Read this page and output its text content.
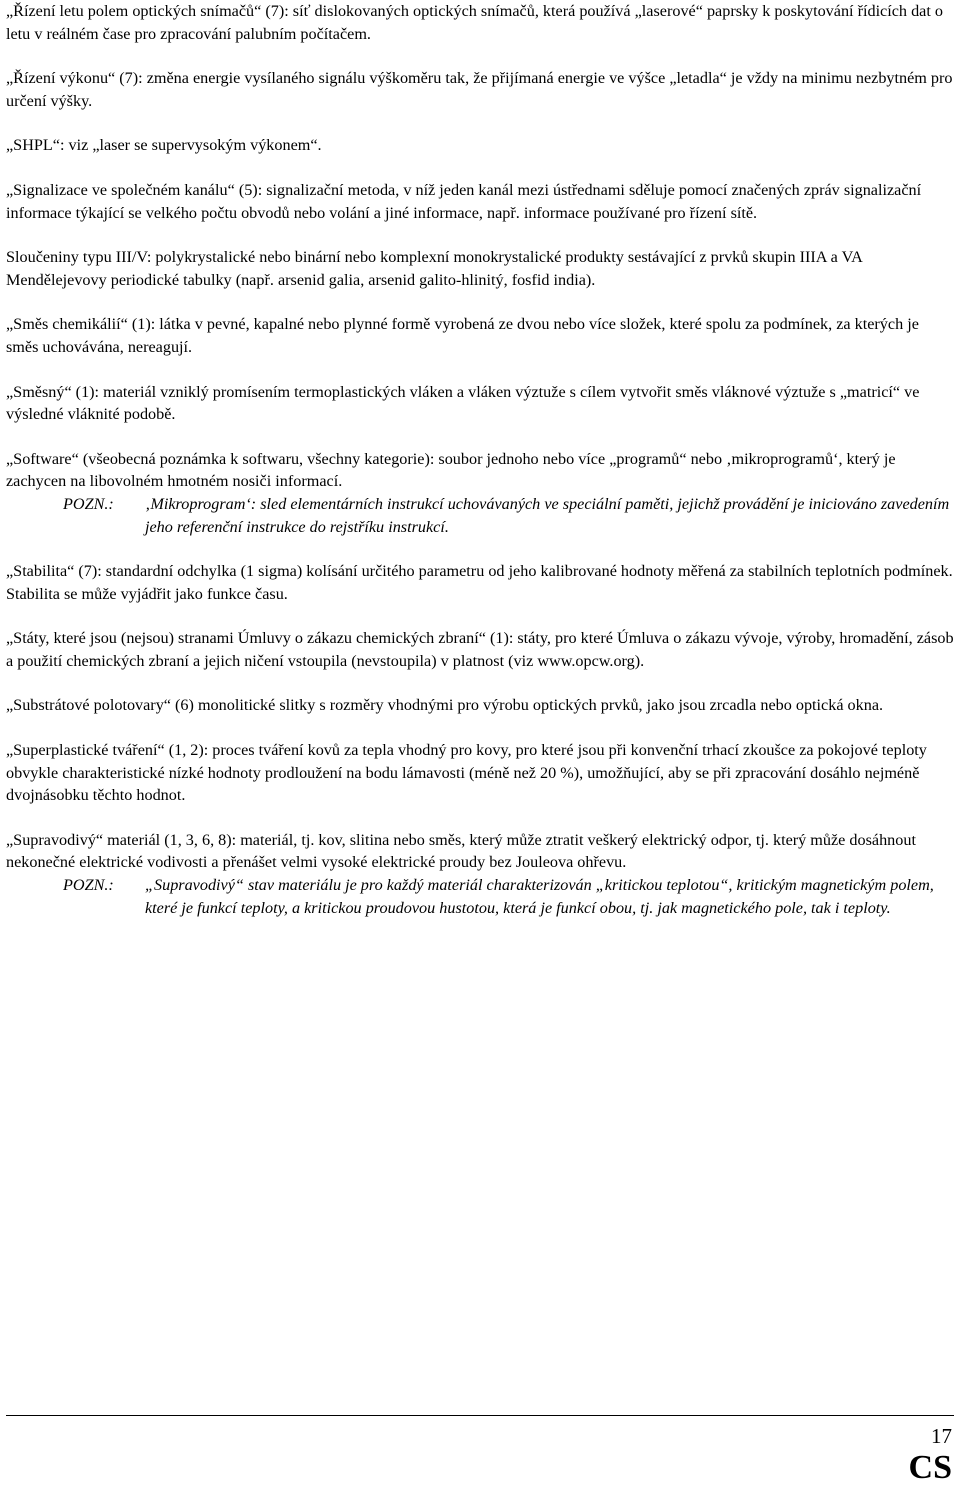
„Řízení letu polem optických snímačů“ (7): síť dislokovaných optických snímačů, která používá „laserové“ paprsky k poskytování řídicích dat o letu v reálném čase pro zpracování palubním počítačem.
„Řízení výkonu“ (7): změna energie vysílaného signálu výškoměru tak, že přijímaná energie ve výšce „letadla“ je vždy na minimu nezbytném pro určení výšky.
„SHPL“: viz „laser se supervysokým výkonem“.
„Signalizace ve společném kanálu“ (5): signalizační metoda, v níž jeden kanál mezi ústřednami sděluje pomocí značených zpráv signalizační informace týkající se velkého počtu obvodů nebo volání a jiné informace, např. informace používané pro řízení sítě.
Sloučeniny typu III/V: polykrystalické nebo binární nebo komplexní monokrystalické produkty sestávající z prvků skupin IIIA a VA Mendělejevovy periodické tabulky (např. arsenid galia, arsenid galito-hlinitý, fosfid india).
„Směs chemikálií“ (1): látka v pevné, kapalné nebo plynné formě vyrobená ze dvou nebo více složek, které spolu za podmínek, za kterých je směs uchovávána, nereagují.
„Směsný“ (1): materiál vzniklý promísením termoplastických vláken a vláken výztuže s cílem vytvořit směs vláknové výztuže s „matricí“ ve výsledné vláknité podobě.
„Software“ (všeobecná poznámka k softwaru, všechny kategorie): soubor jednoho nebo více „programů“ nebo ‚mikroprogramů‘, který je zachycen na libovolném hmotném nosiči informací.
POZN.: ‚Mikroprogram‘: sled elementárních instrukcí uchovávaných ve speciální paměti, jejichž provádění je iniciováno zavedením jeho referenční instrukce do rejstříku instrukcí.
„Stabilita“ (7): standardní odchylka (1 sigma) kolísání určitého parametru od jeho kalibrované hodnoty měřená za stabilních teplotních podmínek. Stabilita se může vyjádřit jako funkce času.
„Státy, které jsou (nejsou) stranami Úmluvy o zákazu chemických zbraní“ (1): státy, pro které Úmluva o zákazu vývoje, výroby, hromadění, zásob a použití chemických zbraní a jejich ničení vstoupila (nevstoupila) v platnost (viz www.opcw.org).
„Substrátové polotovary“ (6) monolitické slitky s rozměry vhodnými pro výrobu optických prvků, jako jsou zrcadla nebo optická okna.
„Superplastické tváření“ (1, 2): proces tváření kovů za tepla vhodný pro kovy, pro které jsou při konvenční trhací zkoušce za pokojové teploty obvykle charakteristické nízké hodnoty prodloužení na bodu lámavosti (méně než 20 %), umožňující, aby se při zpracování dosáhlo nejméně dvojnásobku těchto hodnot.
„Supravodivý“ materiál (1, 3, 6, 8): materiál, tj. kov, slitina nebo směs, který může ztratit veškerý elektrický odpor, tj. který může dosáhnout nekonečné elektrické vodivosti a přenášet velmi vysoké elektrické proudy bez Jouleova ohřevu.
POZN.: „Supravodivý“ stav materiálu je pro každý materiál charakterizován „kritickou teplotou“, kritickým magnetickým polem, které je funkcí teploty, a kritickou proudovou hustotou, která je funkcí obou, tj. jak magnetického pole, tak i teploty.
17
CS
